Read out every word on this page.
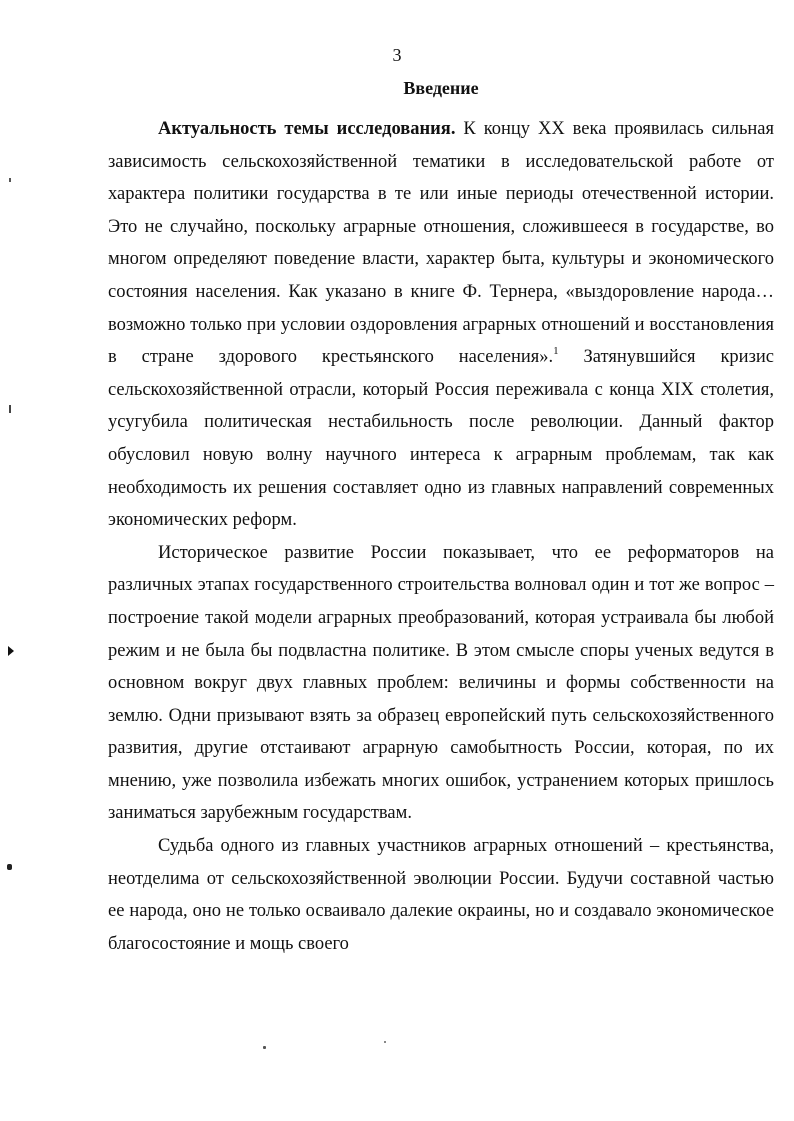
3
Введение

Актуальность темы исследования. К концу XX века проявилась сильная зависимость сельскохозяйственной тематики в исследовательской работе от характера политики государства в те или иные периоды отечественной истории. Это не случайно, поскольку аграрные отношения, сложившееся в государстве, во многом определяют поведение власти, характер быта, культуры и экономического состояния населения. Как указано в книге Ф. Тернера, «выздоровление народа… возможно только при условии оздоровления аграрных отношений и восстановления в стране здорового крестьянского населения».$^1$ Затянувшийся кризис сельскохозяйственной отрасли, который Россия переживала с конца XIX столетия, усугубила политическая нестабильность после революции. Данный фактор обусловил новую волну научного интереса к аграрным проблемам, так как необходимость их решения составляет одно из главных направлений современных экономических реформ.

Историческое развитие России показывает, что ее реформаторов на различных этапах государственного строительства волновал один и тот же вопрос – построение такой модели аграрных преобразований, которая устраивала бы любой режим и не была бы подвластна политике. В этом смысле споры ученых ведутся в основном вокруг двух главных проблем: величины и формы собственности на землю. Одни призывают взять за образец европейский путь сельскохозяйственного развития, другие отстаивают аграрную самобытность России, которая, по их мнению, уже позволила избежать многих ошибок, устранением которых пришлось заниматься зарубежным государствам.

Судьба одного из главных участников аграрных отношений – крестьянства, неотделима от сельскохозяйственной эволюции России. Будучи составной частью ее народа, оно не только осваивало далекие окраины, но и создавало экономическое благосостояние и мощь своего
